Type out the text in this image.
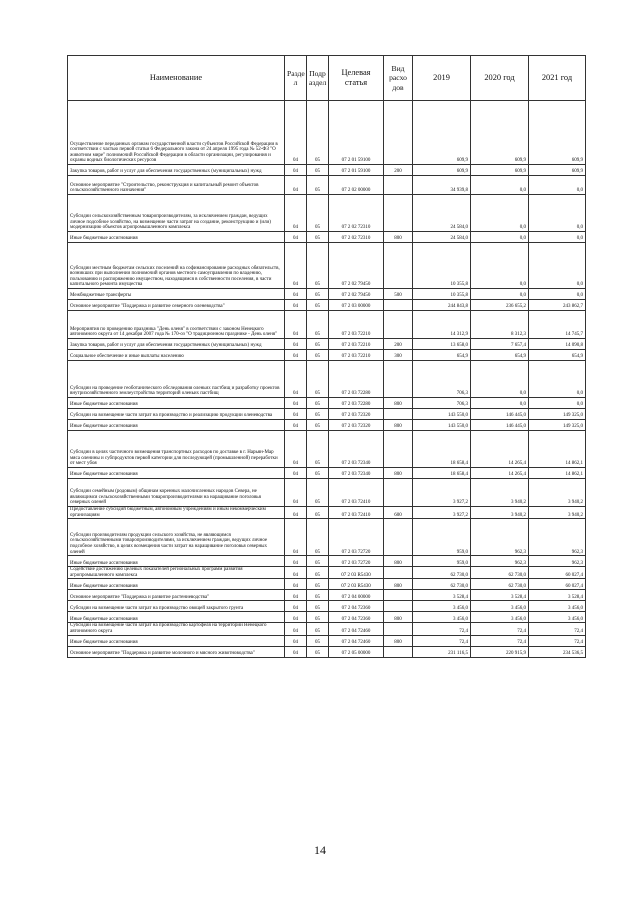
Наименование	Разде л	Подр аздел	Целевая статья	Вид расхо дов	2019	2020 год	2021 год
Осуществление переданных органам государственной власти субъектов Российской Федерации в соответствии с частью первой статьи 6 Федерального закона от 24 апреля 1995 года № 52-ФЗ "О животном мире" полномочий Российской Федерации в области организации, регулирования и охраны водных биологических ресурсов	04	05	07 2 01 59100		609,9	609,9	609,9
Закупка товаров, работ и услуг для обеспечения государственных (муниципальных) нужд	04	05	07 2 01 59100	200	609,9	609,9	609,9
Основное мероприятие "Строительство, реконструкция и капитальный ремонт объектов сельскохозяйственного назначения"	04	05	07 2 02 00000		34 939,8	0,0	0,0
Субсидии сельскохозяйственным товаропроизводителям, за исключением граждан, ведущих личное подсобное хозяйство, на возмещение части затрат на создание, реконструкцию и (или) модернизацию объектов агропромышленного комплекса	04	05	07 2 02 72310		24 584,0	0,0	0,0
Иные бюджетные ассигнования	04	05	07 2 02 72310	800	24 584,0	0,0	0,0
Субсидии местным бюджетам сельских поселений на софинансирование расходных обязательств, возникших при выполнении полномочий органов местного самоуправления по владению, пользованию и распоряжению имуществом, находящимся в собственности поселения, в части капитального ремонта имущества	04	05	07 2 02 79450		10 355,8	0,0	0,0
Межбюджетные трансферты	04	05	07 2 02 79450	500	10 355,8	0,0	0,0
Основное мероприятие "Поддержка и развитие северного оленеводства"	04	05	07 2 03 00000		244 843,8	236 655,2	243 862,7
Мероприятия по проведению праздника "День оленя" в соответствии с законом Ненецкого автономного округа от 14 декабря 2007 года № 170-оз "О традиционном празднике - День оленя"	04	05	07 2 03 72210		14 312,9	8 312,3	14 745,7
Закупка товаров, работ и услуг для обеспечения государственных (муниципальных) нужд	04	05	07 2 03 72210	200	13 658,0	7 657,4	14 090,8
Социальное обеспечение и иные выплаты населению	04	05	07 2 03 72210	300	654,9	654,9	654,9
Субсидии на проведение геоботанического обследования оленьих пастбищ и разработку проектов внутрихозяйственного землеустройства территорий оленьих пастбищ	04	05	07 2 03 72280		706,3	0,0	0,0
Иные бюджетные ассигнования	04	05	07 2 03 72280	800	706,3	0,0	0,0
Субсидии на возмещение части затрат на производство и реализацию продукции оленеводства	04	05	07 2 03 72320		143 550,0	146 445,0	149 325,0
Иные бюджетные ассигнования	04	05	07 2 03 72320	800	143 550,0	146 445,0	149 325,0
Субсидии в целях частичного возмещения транспортных расходов по доставке в г. Нарьян-Мар мяса оленины и субпродуктов первой категории для последующей (промышленной) переработки от мест убоя	04	05	07 2 03 72340		18 658,4	14 265,4	14 862,1
Иные бюджетные ассигнования	04	05	07 2 03 72340	800	18 658,4	14 265,4	14 862,1
Субсидии семейным (родовым) общинам коренных малочисленных народов Севера, не являющимся сельскохозяйственными товаропроизводителями на наращивание поголовья северных оленей	04	05	07 2 03 72410		3 927,2	3 940,2	3 940,2
Предоставление субсидий бюджетным, автономным учреждениям и иным некоммерческим организациям	04	05	07 2 03 72410	600	3 927,2	3 940,2	3 940,2
Субсидии производителям продукции сельского хозяйства, не являющимся сельскохозяйственными товаропроизводителями, за исключением граждан, ведущих личное подсобное хозяйство, в целях возмещения части затрат на наращивание поголовья северных оленей	04	05	07 2 03 72720		959,0	962,3	962,3
Иные бюджетные ассигнования	04	05	07 2 03 72720	800	959,0	962,3	962,3
Содействие достижению целевых показателей региональных программ развития агропромышленного комплекса	04	05	07 2 03 R5430		62 730,0	62 730,0	60 027,4
Иные бюджетные ассигнования	04	05	07 2 03 R5430	800	62 730,0	62 730,0	60 027,4
Основное мероприятие "Поддержка и развитие растениеводства"	04	05	07 2 04 00000		3 528,4	3 528,4	3 528,4
Субсидии на возмещение части затрат на производство овощей закрытого грунта	04	05	07 2 04 72360		3 456,0	3 456,0	3 456,0
Иные бюджетные ассигнования	04	05	07 2 04 72360	800	3 456,0	3 456,0	3 456,0
Субсидии на возмещение части затрат на производство картофеля на территории Ненецкого автономного округа	04	05	07 2 04 72460		72,4	72,4	72,4
Иные бюджетные ассигнования	04	05	07 2 04 72460	800	72,4	72,4	72,4
Основное мероприятие "Поддержка и развитие молочного и мясного животноводства"	04	05	07 2 05 00000		231 116,5	220 915,9	234 536,5
14
